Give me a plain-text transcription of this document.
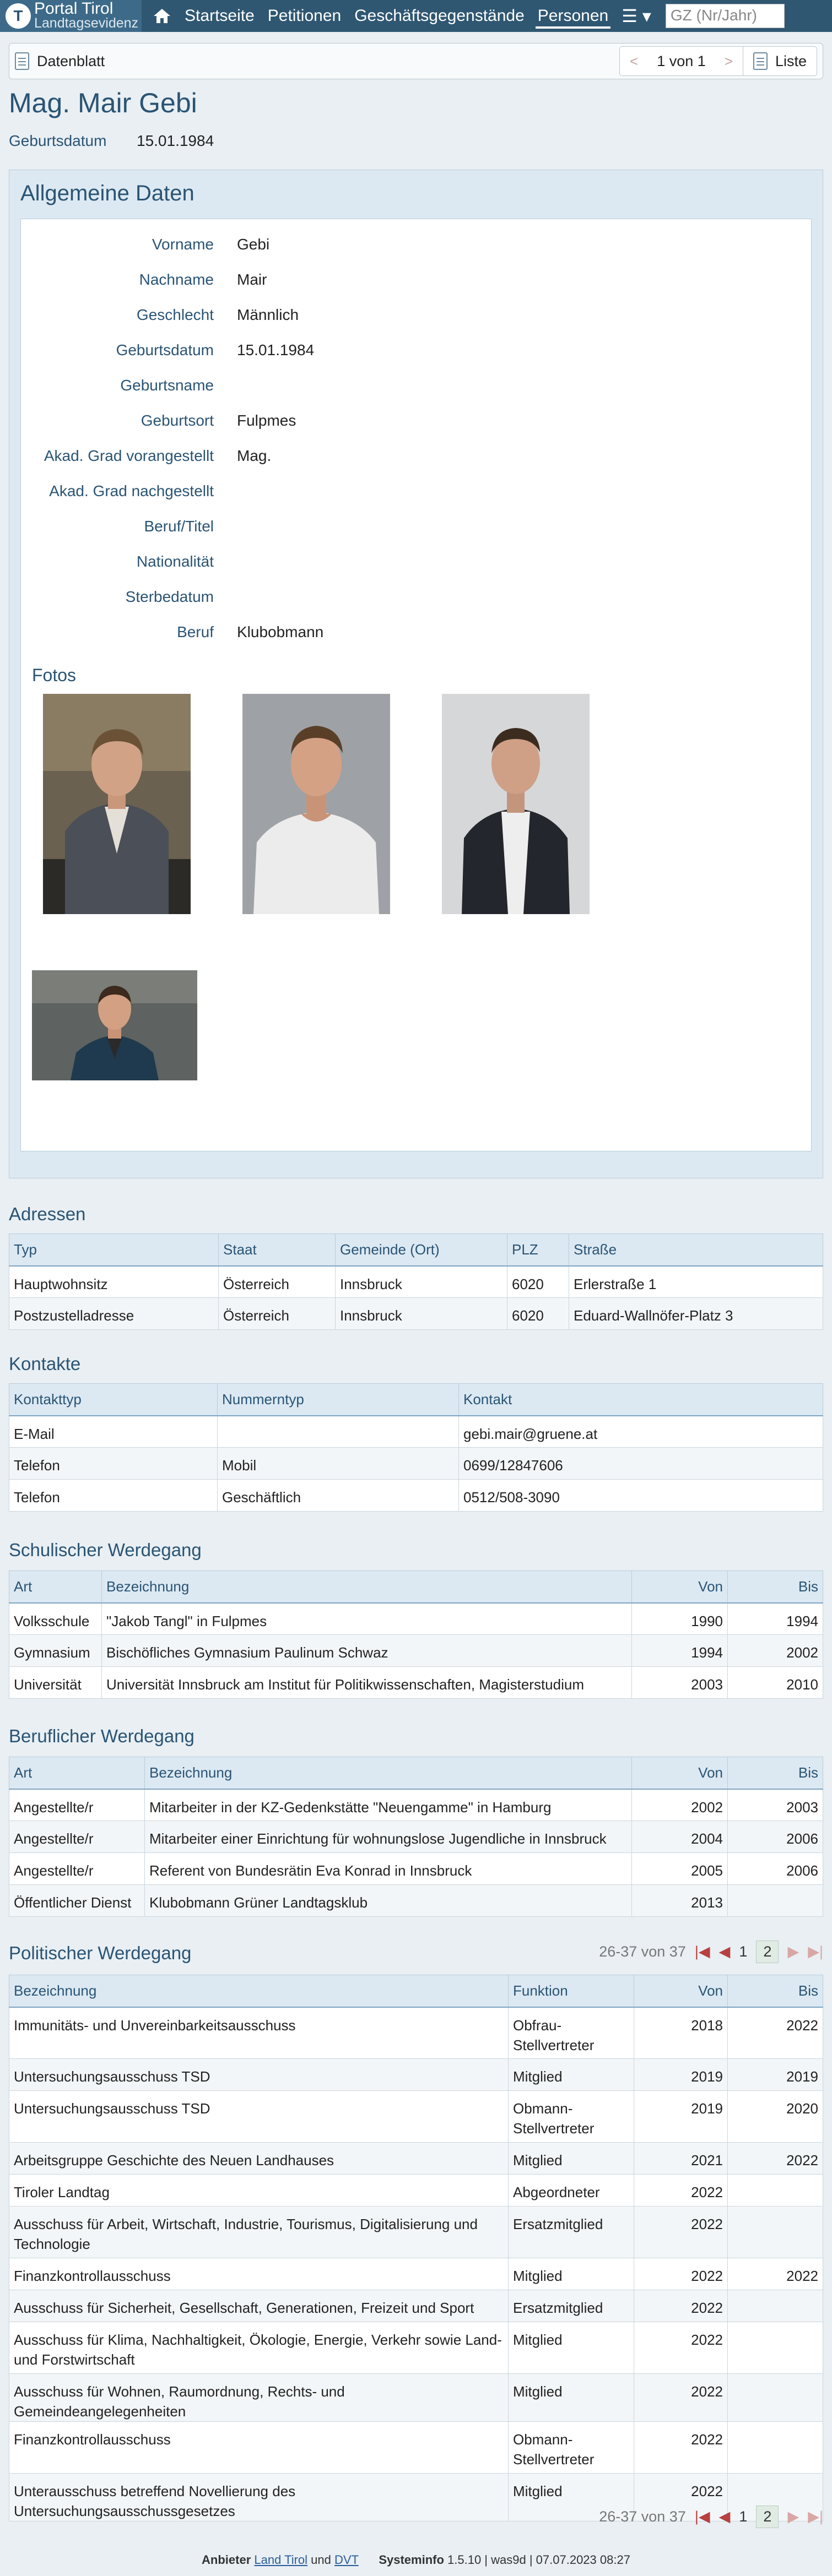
T Portal Tirol
Landtagsevidenz	Startseite Petitionen Geschäftsgegenstände Personen ☰ ▾	GZ (Nr/Jahr)
Datenblatt	<	1 von 1	>	Liste
Mag. Mair Gebi
Geburtsdatum	15.01.1984
Allgemeine Daten
Vorname	Gebi
Nachname	Mair
Geschlecht	Männlich
Geburtsdatum	15.01.1984
Geburtsname
Geburtsort	Fulpmes
Akad. Grad vorangestellt	Mag.
Akad. Grad nachgestellt
Beruf/Titel
Nationalität
Sterbedatum
Beruf	Klubobmann
Fotos
Adressen
Typ	Staat	Gemeinde (Ort)	PLZ	Straße
Hauptwohnsitz	Österreich	Innsbruck	6020	Erlerstraße 1
Postzustelladresse	Österreich	Innsbruck	6020	Eduard-Wallnöfer-Platz 3
Kontakte
Kontakttyp	Nummerntyp	Kontakt
E-Mail		gebi.mair@gruene.at
Telefon	Mobil	0699/12847606
Telefon	Geschäftlich	0512/508-3090
Schulischer Werdegang
Art	Bezeichnung	Von	Bis
Volksschule	"Jakob Tangl" in Fulpmes	1990	1994
Gymnasium	Bischöfliches Gymnasium Paulinum Schwaz	1994	2002
Universität	Universität Innsbruck am Institut für Politikwissenschaften, Magisterstudium	2003	2010
Beruflicher Werdegang
Art	Bezeichnung	Von	Bis
Angestellte/r	Mitarbeiter in der KZ-Gedenkstätte "Neuengamme" in Hamburg	2002	2003
Angestellte/r	Mitarbeiter einer Einrichtung für wohnungslose Jugendliche in Innsbruck	2004	2006
Angestellte/r	Referent von Bundesrätin Eva Konrad in Innsbruck	2005	2006
Öffentlicher Dienst	Klubobmann Grüner Landtagsklub	2013	
Politischer Werdegang	26-37 von 37 |◀ ◀ 1	2	▶ ▶|
Bezeichnung	Funktion	Von	Bis
Immunitäts- und Unvereinbarkeitsausschuss	Obfrau-Stellvertreter	2018	2022
Untersuchungsausschuss TSD	Mitglied	2019	2019
Untersuchungsausschuss TSD	Obmann-Stellvertreter	2019	2020
Arbeitsgruppe Geschichte des Neuen Landhauses	Mitglied	2021	2022
Tiroler Landtag	Abgeordneter	2022	
Ausschuss für Arbeit, Wirtschaft, Industrie, Tourismus, Digitalisierung und Technologie	Ersatzmitglied	2022	
Finanzkontrollausschuss	Mitglied	2022	2022
Ausschuss für Sicherheit, Gesellschaft, Generationen, Freizeit und Sport	Ersatzmitglied	2022	
Ausschuss für Klima, Nachhaltigkeit, Ökologie, Energie, Verkehr sowie Land- und Forstwirtschaft	Mitglied	2022	
Ausschuss für Wohnen, Raumordnung, Rechts- und Gemeindeangelegenheiten	Mitglied	2022	
Finanzkontrollausschuss	Obmann-Stellvertreter	2022	
Unterausschuss betreffend Novellierung des Untersuchungsausschussgesetzes	Mitglied	2022	
26-37 von 37 |◀ ◀ 1	2	▶ ▶|
Anbieter Land Tirol und DVT Systeminfo 1.5.10 | was9d | 07.07.2023 08:27
